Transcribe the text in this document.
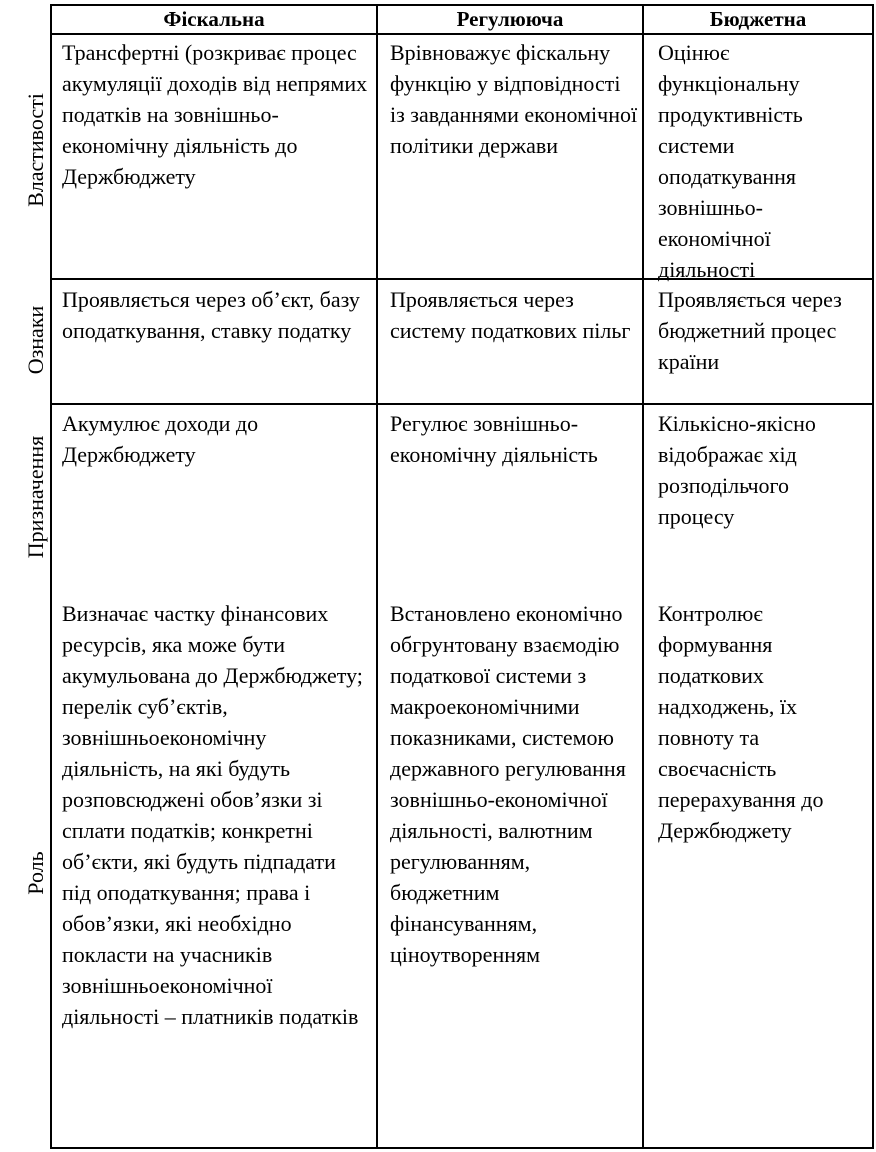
Фіскальна	Регулююча	Бюджетна
Властивості
Ознаки
Призначення
Роль

Трансфертні (розкриває процес акумуляції доходів від непрямих податків на зовнішньо-економічну діяльність до Держбюджету

Врівноважує фіскальну функцію у відповідності із завданнями економічної політики держави

Оцінює функціональну продуктивність системи оподаткування зовнішньо-економічної діяльності

Проявляється через об’єкт, базу оподаткування, ставку податку

Проявляється через систему податкових пільг

Проявляється через бюджетний процес країни

Акумулює доходи до Держбюджету

Регулює зовнішньо-економічну діяльність

Кількісно-якісно відображає хід розподільчого процесу

Визначає частку фінансових ресурсів, яка може бути акумульована до Держбюджету; перелік суб’єктів, зовнішньоекономічну діяльність, на які будуть розповсюджені обов’язки зі сплати податків; конкретні об’єкти, які будуть підпадати під оподаткування; права і обов’язки, які необхідно покласти на учасників зовнішньоекономічної діяльності – платників податків

Встановлено економічно обгрунтовану взаємодію податкової системи з макроекономічними показниками, системою державного регулювання зовнішньо-економічної діяльності, валютним регулюванням, бюджетним фінансуванням, ціноутворенням

Контролює формування податкових надходжень, їх повноту та своєчасність перерахування до Держбюджету
